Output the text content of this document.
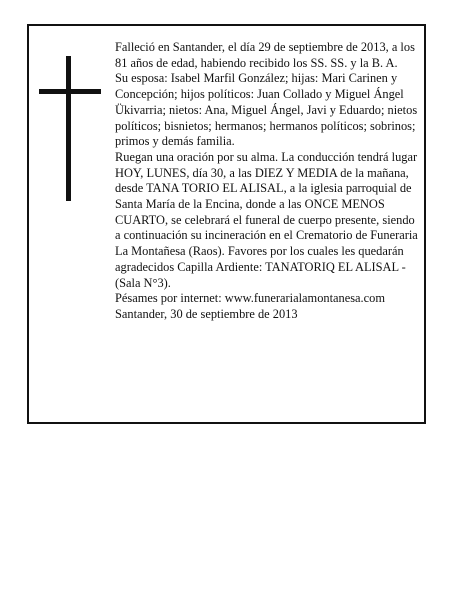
Falleció en Santander, el día 29 de septiembre de 2013, a los 81 años de edad, habiendo recibido los SS. SS. y la B. A.

Su esposa: Isabel Marfil González; hijas: Mari Carinen y Concepción; hijos políticos: Juan Collado y Miguel Ángel Ükivarria; nietos: Ana, Miguel Ángel, Javi y Eduardo; nietos políticos; bisnietos; hermanos; hermanos políticos; sobrinos; primos y demás familia.

Ruegan una oración por su alma. La conducción tendrá lugar HOY, LUNES, día 30, a las DIEZ Y MEDIA de la mañana, desde TANA TORIO EL ALISAL, a la iglesia parroquial de Santa María de la Encina, donde a las ONCE MENOS CUARTO, se celebrará el funeral de cuerpo presente, siendo a continuación su incineración en el Crematorio de Funeraria La Montañesa (Raos). Favores por los cuales les quedarán agradecidos Capilla Ardiente: TANATORIQ EL ALISAL - (Sala N°3).

Pésames por internet: www.funerarialamontanesa.com

Santander, 30 de septiembre de 2013
